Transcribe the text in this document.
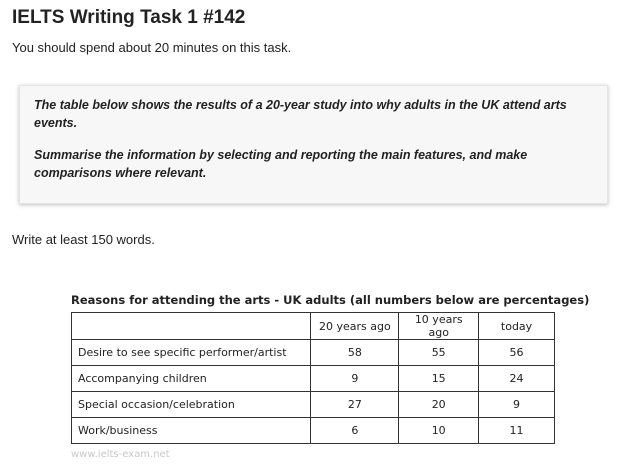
IELTS Writing Task 1 #142
You should spend about 20 minutes on this task.

The table below shows the results of a 20-year study into why adults in the UK attend arts events.

Summarise the information by selecting and reporting the main features, and make comparisons where relevant.

Write at least 150 words.
Reasons for attending the arts - UK adults (all numbers below are percentages)
	20 years ago	10 years ago	today
Desire to see specific performer/artist	58	55	56
Accompanying children	9	15	24
Special occasion/celebration	27	20	9
Work/business	6	10	11
www.ielts-exam.net
